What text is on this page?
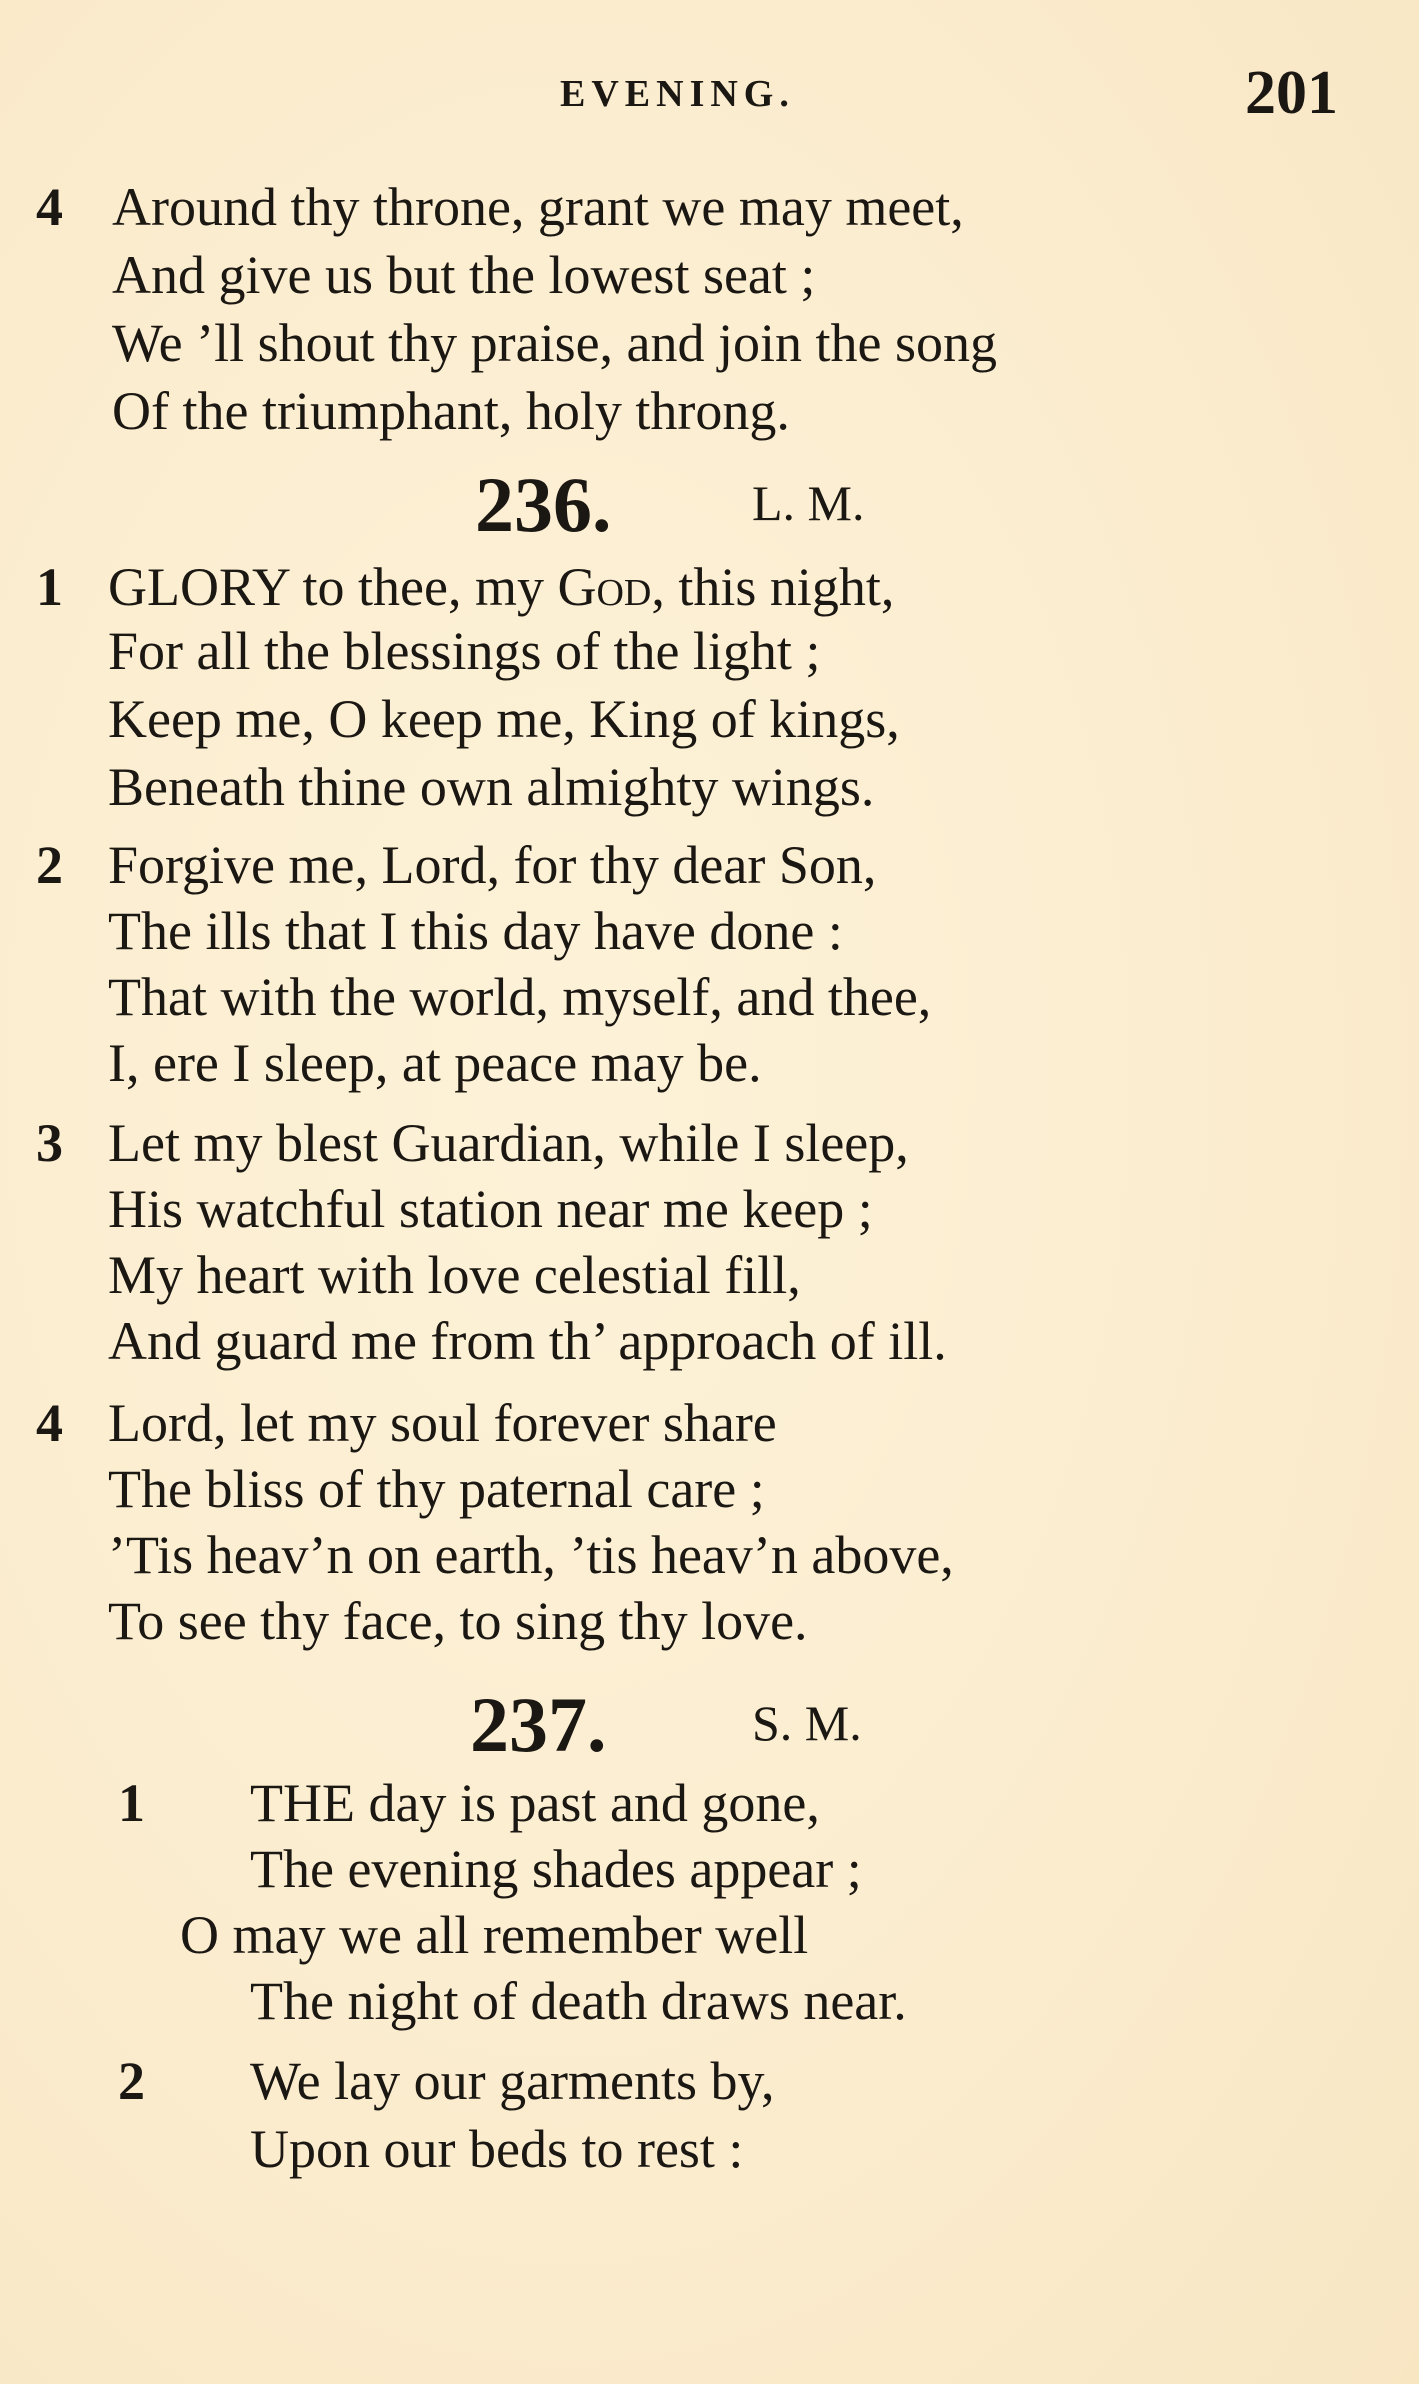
EVENING.	201
4 Around thy throne, grant we may meet,
And give us but the lowest seat ;
We ’ll shout thy praise, and join the song
Of the triumphant, holy throng.
236.	L. M.
1 GLORY to thee, my God, this night,
For all the blessings of the light ;
Keep me, O keep me, King of kings,
Beneath thine own almighty wings.
2 Forgive me, Lord, for thy dear Son,
The ills that I this day have done :
That with the world, myself, and thee,
I, ere I sleep, at peace may be.
3 Let my blest Guardian, while I sleep,
His watchful station near me keep ;
My heart with love celestial fill,
And guard me from th’ approach of ill.
4 Lord, let my soul forever share
The bliss of thy paternal care ;
’Tis heav’n on earth, ’tis heav’n above,
To see thy face, to sing thy love.
237.	S. M.
1 THE day is past and gone,
The evening shades appear ;
O may we all remember well
The night of death draws near.
2 We lay our garments by,
Upon our beds to rest :
